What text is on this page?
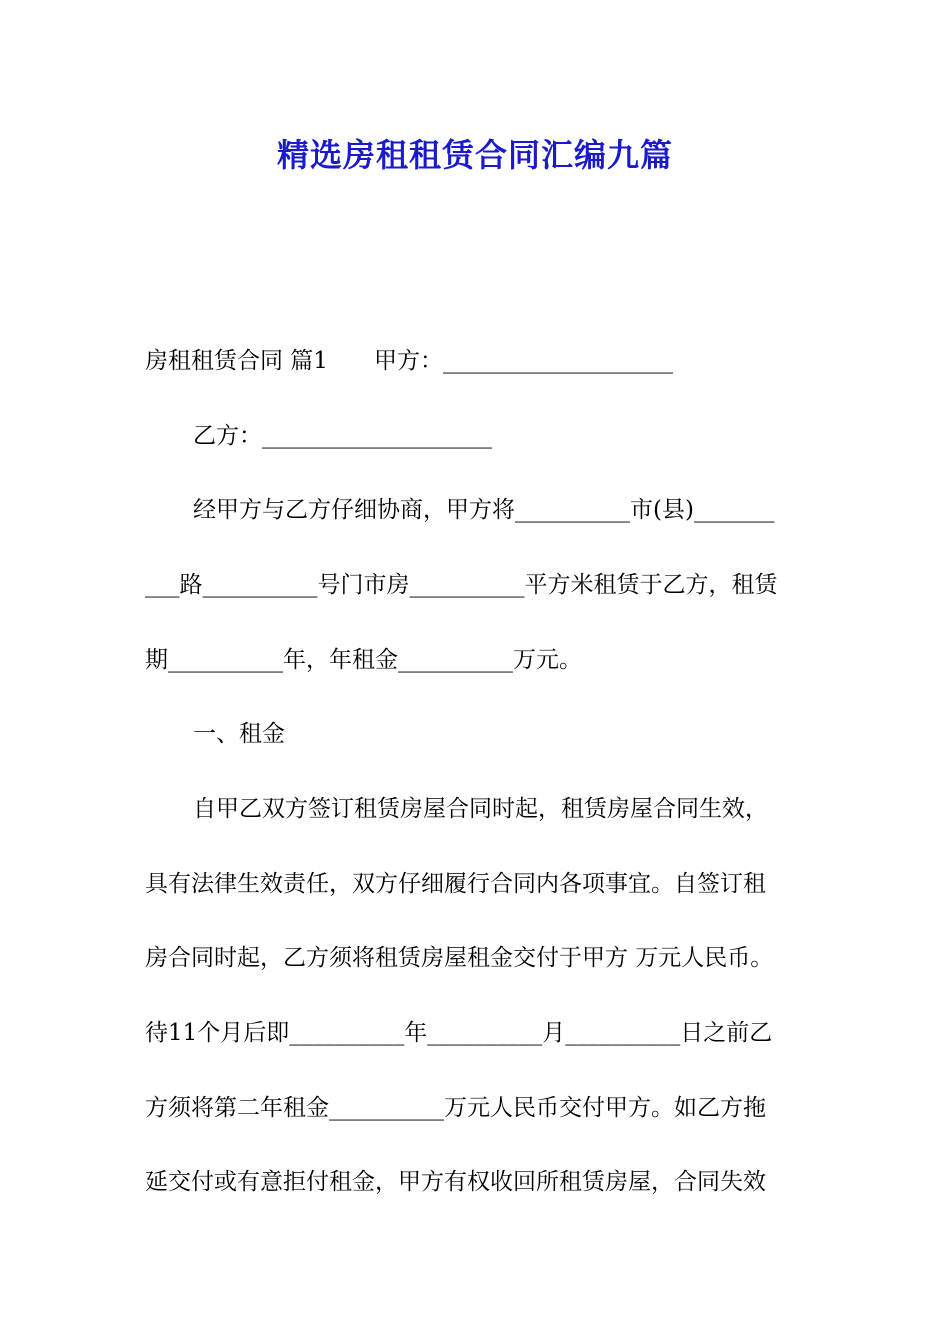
精选房租租赁合同汇编九篇
房租租赁合同 篇1 甲方：____________________
乙方：____________________
经甲方与乙方仔细协商，甲方将__________市(县)_______
___路__________号门市房__________平方米租赁于乙方，租赁
期__________年，年租金__________万元。
一、租金
自甲乙双方签订租赁房屋合同时起，租赁房屋合同生效，
具有法律生效责任，双方仔细履行合同内各项事宜。自签订租
房合同时起，乙方须将租赁房屋租金交付于甲方 万元人民币。
待11个月后即__________年__________月__________日之前乙
方须将第二年租金__________万元人民币交付甲方。如乙方拖
延交付或有意拒付租金，甲方有权收回所租赁房屋，合同失效
